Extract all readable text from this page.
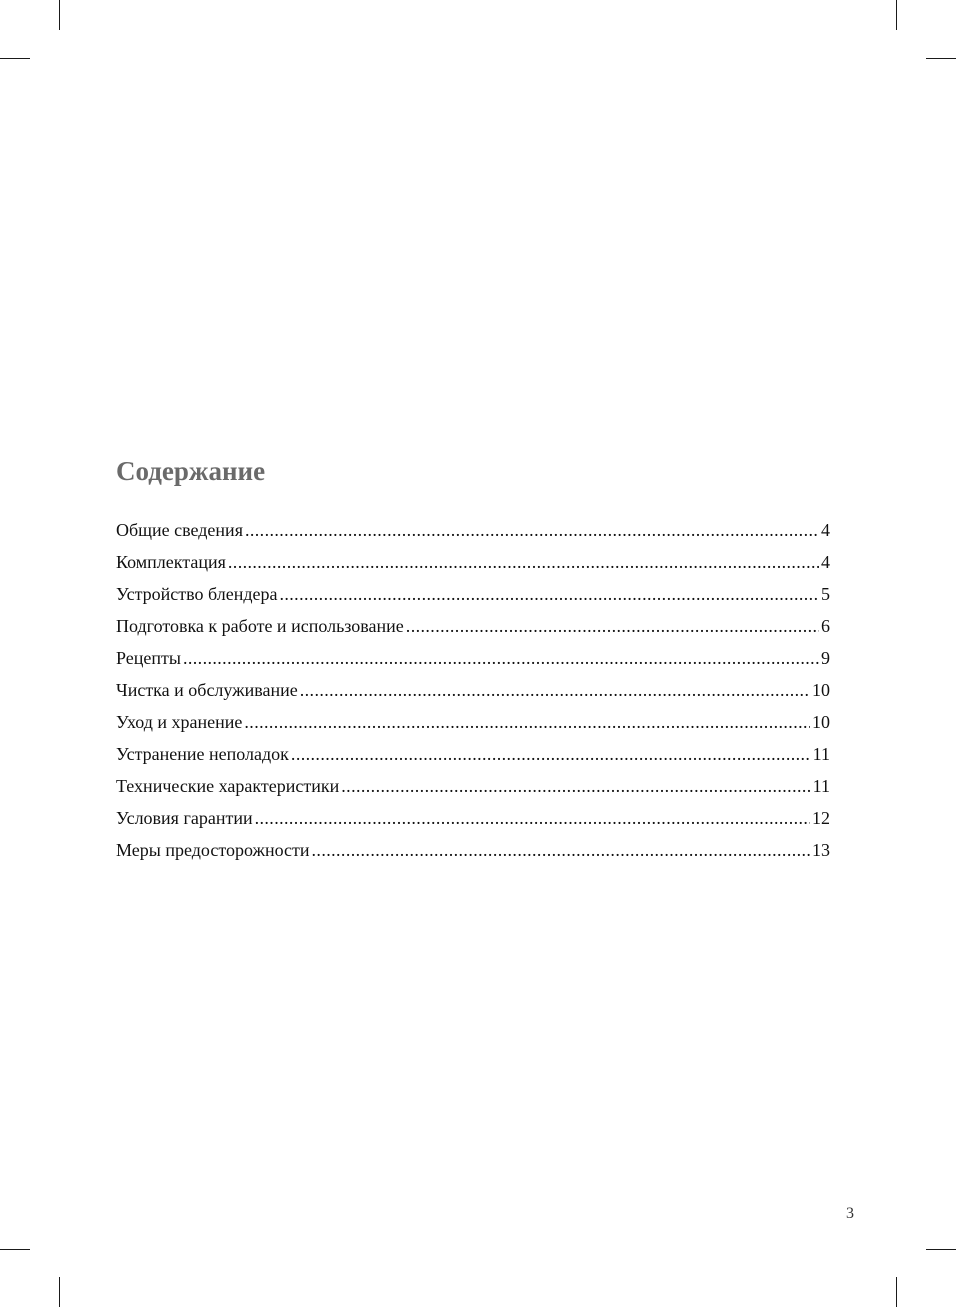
Содержание
Общие сведения .....	4
Комплектация .....	4
Устройство блендера .....	5
Подготовка к работе и использование .....	6
Рецепты .....	9
Чистка и обслуживание .....	10
Уход и хранение .....	10
Устранение неполадок .....	11
Технические характеристики .....	11
Условия гарантии .....	12
Меры предосторожности .....	13
3
